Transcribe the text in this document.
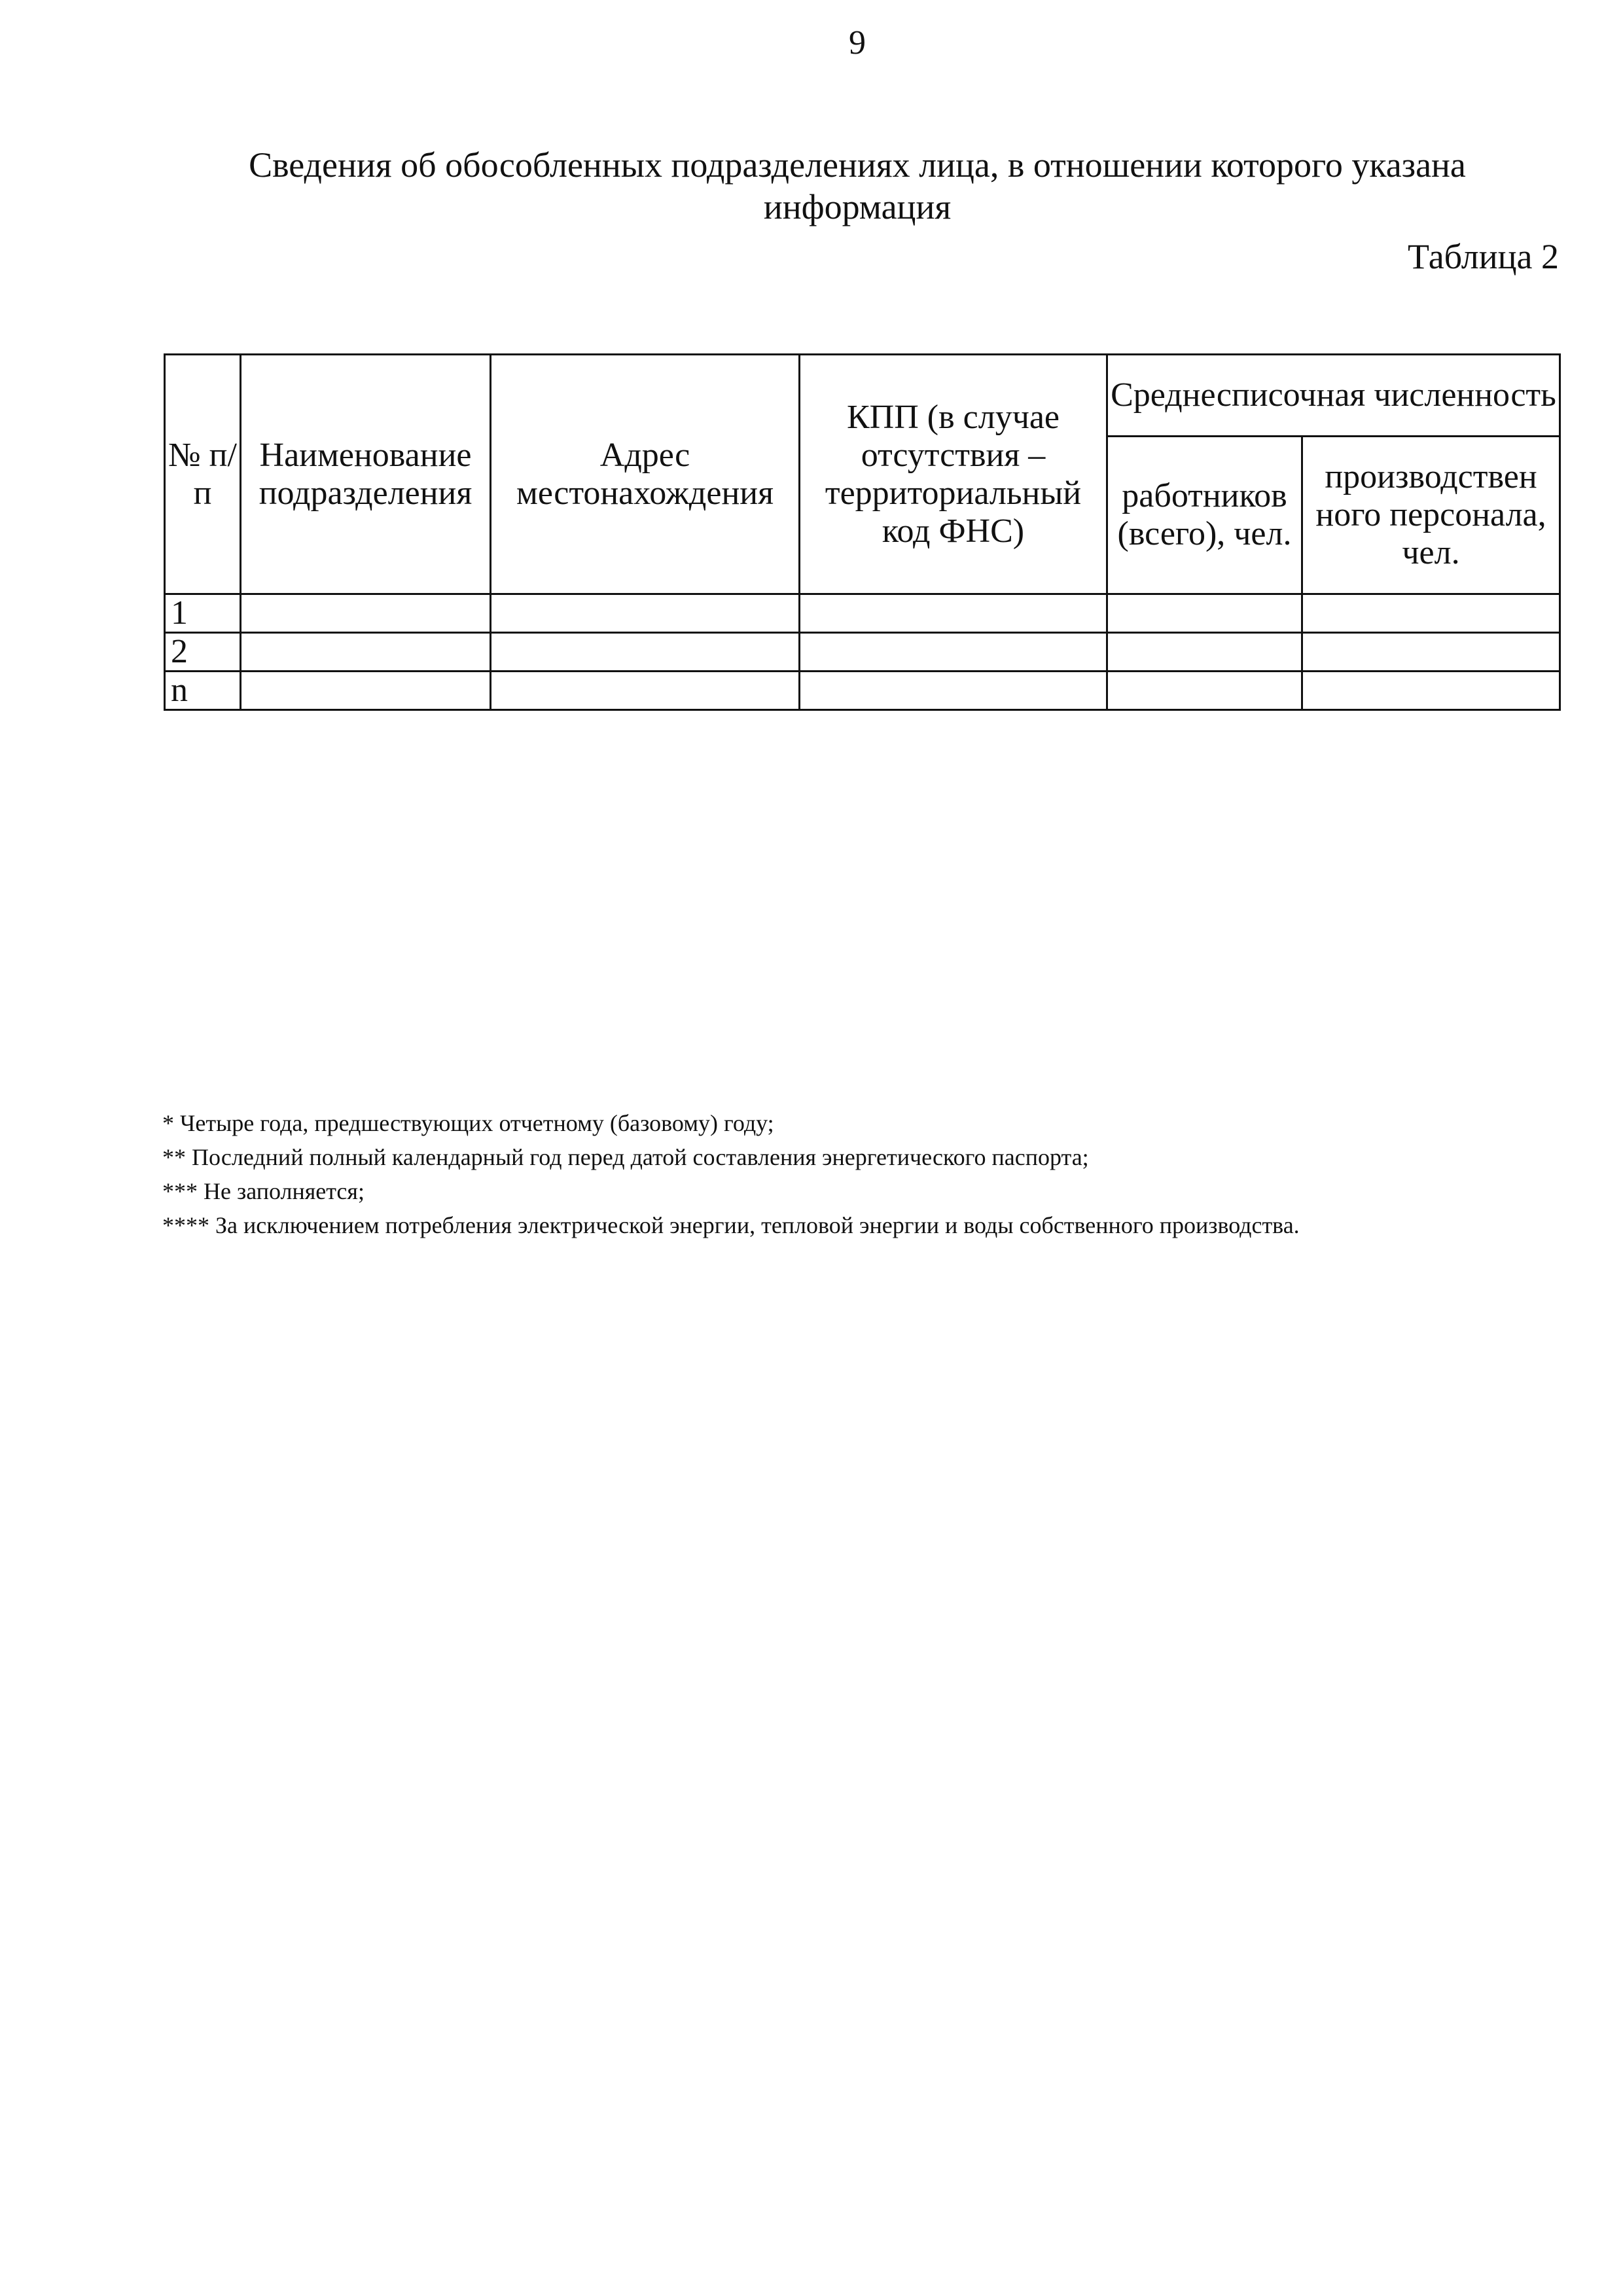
9
Сведения об обособленных подразделениях лица, в отношении которого указана информация
Таблица 2
№ п/п	Наименование подразделения	Адрес местонахождения	КПП (в случае отсутствия – территориальный код ФНС)	Среднесписочная численность	
				работников (всего), чел.	производствен ного персонала, чел.
1					
2					
n					

* Четыре года, предшествующих отчетному (базовому) году;

** Последний полный календарный год перед датой составления энергетического паспорта;

*** Не заполняется;

**** За исключением потребления электрической энергии, тепловой энергии и воды собственного производства.
